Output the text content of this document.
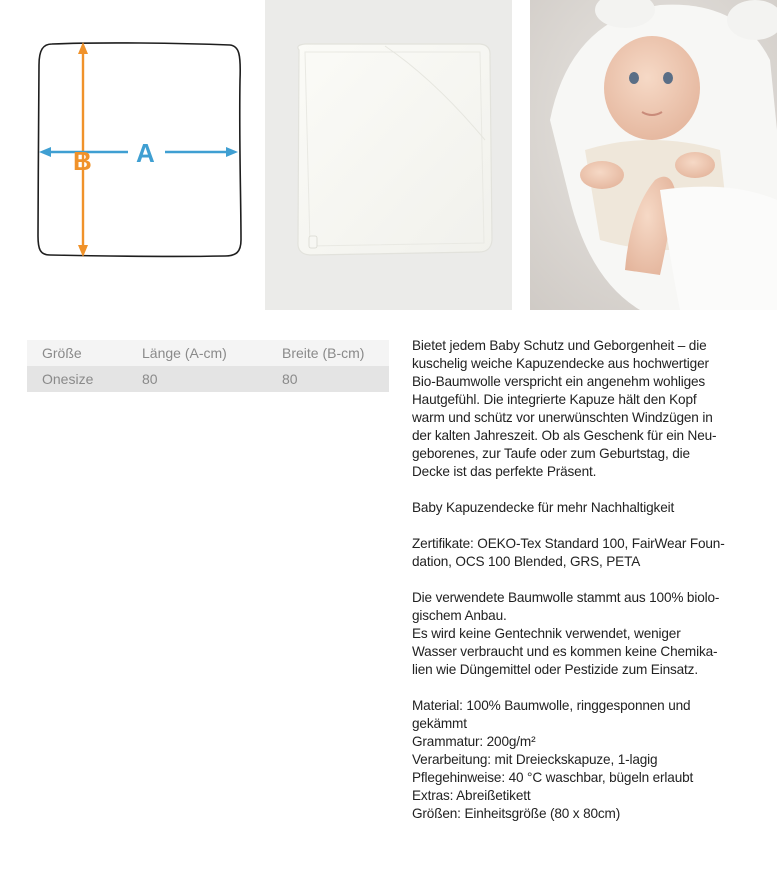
A
B
Größe	Länge (A-cm)	Breite (B-cm)
Onesize	80	80

Bietet jedem Baby Schutz und Geborgenheit – die
kuschelig weiche Kapuzendecke aus hochwertiger
Bio-Baumwolle verspricht ein angenehm wohliges
Hautgefühl. Die integrierte Kapuze hält den Kopf
warm und schütz vor unerwünschten Windzügen in
der kalten Jahreszeit. Ob als Geschenk für ein Neu-
geborenes, zur Taufe oder zum Geburtstag, die
Decke ist das perfekte Präsent.

Baby Kapuzendecke für mehr Nachhaltigkeit

Zertifikate: OEKO-Tex Standard 100, FairWear Foun-
dation, OCS 100 Blended, GRS, PETA

Die verwendete Baumwolle stammt aus 100% biolo-
gischem Anbau.
Es wird keine Gentechnik verwendet, weniger
Wasser verbraucht und es kommen keine Chemika-
lien wie Düngemittel oder Pestizide zum Einsatz.

Material: 100% Baumwolle, ringgesponnen und
gekämmt
Grammatur: 200g/m²
Verarbeitung: mit Dreieckskapuze, 1-lagig
Pflegehinweise: 40 °C waschbar, bügeln erlaubt
Extras: Abreißetikett
Größen: Einheitsgröße (80 x 80cm)
